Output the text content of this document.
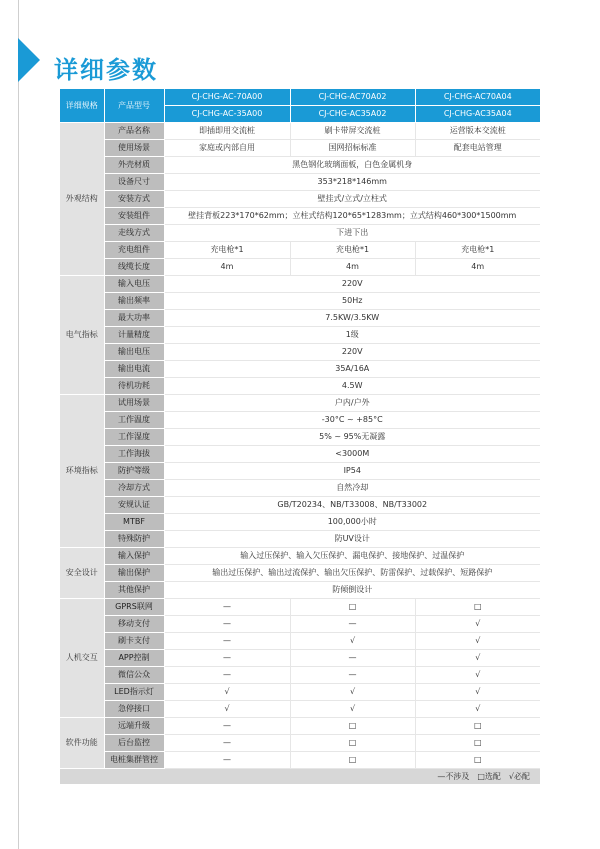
详细参数
详细规格	产品型号	CJ-CHG-AC-70A00	CJ-CHG-AC70A02	CJ-CHG-AC70A04
		CJ-CHG-AC-35A00	CJ-CHG-AC35A02	CJ-CHG-AC35A04
外观结构	产品名称	即插即用交流桩	刷卡带屏交流桩	运营版本交流桩
	使用场景	家庭或内部自用	国网招标标准	配套电站管理
	外壳材质	黑色钢化玻璃面板，白色金属机身		
	设备尺寸	353*218*146mm		
	安装方式	壁挂式/立式/立柱式		
	安装组件	壁挂背板223*170*62mm；立柱式结构120*65*1283mm；立式结构460*300*1500mm		
	走线方式	下进下出		
	充电组件	充电枪*1	充电枪*1	充电枪*1
	线缆长度	4m	4m	4m
电气指标	输入电压	220V		
	输出频率	50Hz		
	最大功率	7.5KW/3.5KW		
	计量精度	1级		
	输出电压	220V		
	输出电流	35A/16A		
	待机功耗	4.5W		
环境指标	试用场景	户内/户外		
	工作温度	-30°C ~ +85°C		
	工作湿度	5% ~ 95%无凝露		
	工作海拔	<3000M		
	防护等级	IP54		
	冷却方式	自然冷却		
	安规认证	GB/T20234、NB/T33008、NB/T33002		
	MTBF	100,000小时		
	特殊防护	防UV设计		
安全设计	输入保护	输入过压保护、输入欠压保护、漏电保护、接地保护、过温保护		
	输出保护	输出过压保护、输出过流保护、输出欠压保护、防雷保护、过载保护、短路保护		
	其他保护	防倾倒设计		
人机交互	GPRS联网	—	□	□
	移动支付	—	—	√
	刷卡支付	—	√	√
	APP控制	—	—	√
	微信公众	—	—	√
	LED指示灯	√	√	√
	急停接口	√	√	√
软件功能	远端升级	—	□	□
	后台监控	—	□	□
	电桩集群管控	—	□	□
—不涉及　□选配　√必配				
